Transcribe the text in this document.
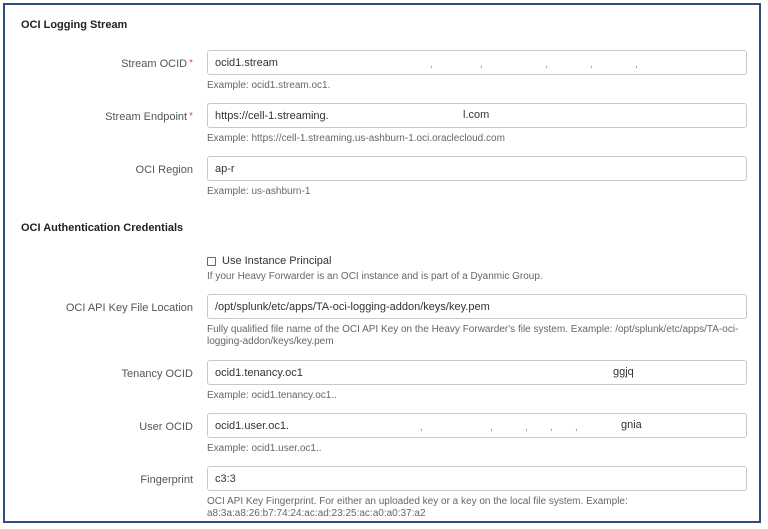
OCI Logging Stream
Stream OCID *
ocid1.stream	,	,	,	,	,
Example: ocid1.stream.oc1.
Stream Endpoint *
https://cell-1.streaming.	l.com
Example: https://cell-1.streaming.us-ashburn-1.oci.oraclecloud.com
OCI Region
ap-r
Example: us-ashburn-1
OCI Authentication Credentials
Use Instance Principal
If your Heavy Forwarder is an OCI instance and is part of a Dyanmic Group.
OCI API Key File Location
/opt/splunk/etc/apps/TA-oci-logging-addon/keys/key.pem
Fully qualified file name of the OCI API Key on the Heavy Forwarder's file system. Example: /opt/splunk/etc/apps/TA-oci-logging-addon/keys/key.pem
Tenancy OCID
ocid1.tenancy.oc1	ɡgjq
Example: ocid1.tenancy.oc1..
User OCID
ocid1.user.oc1.	,	,	, , ,	gnia
Example: ocid1.user.oc1..
Fingerprint
c3:3
OCI API Key Fingerprint. For either an uploaded key or a key on the local file system. Example: a8:3a:a8:26:b7:74:24:ac:ad:23:25:ac:a0:a0:37:a2
